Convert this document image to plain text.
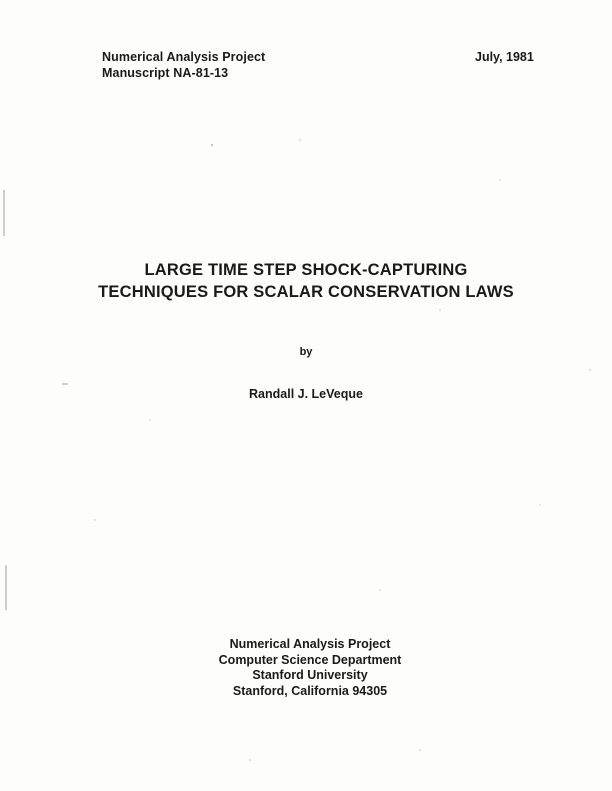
Numerical Analysis Project
Manuscript NA-81-13
July, 1981
LARGE TIME STEP SHOCK-CAPTURING
TECHNIQUES FOR SCALAR CONSERVATION LAWS
by
Randall J. LeVeque
Numerical Analysis Project
Computer Science Department
Stanford University
Stanford, California 94305
